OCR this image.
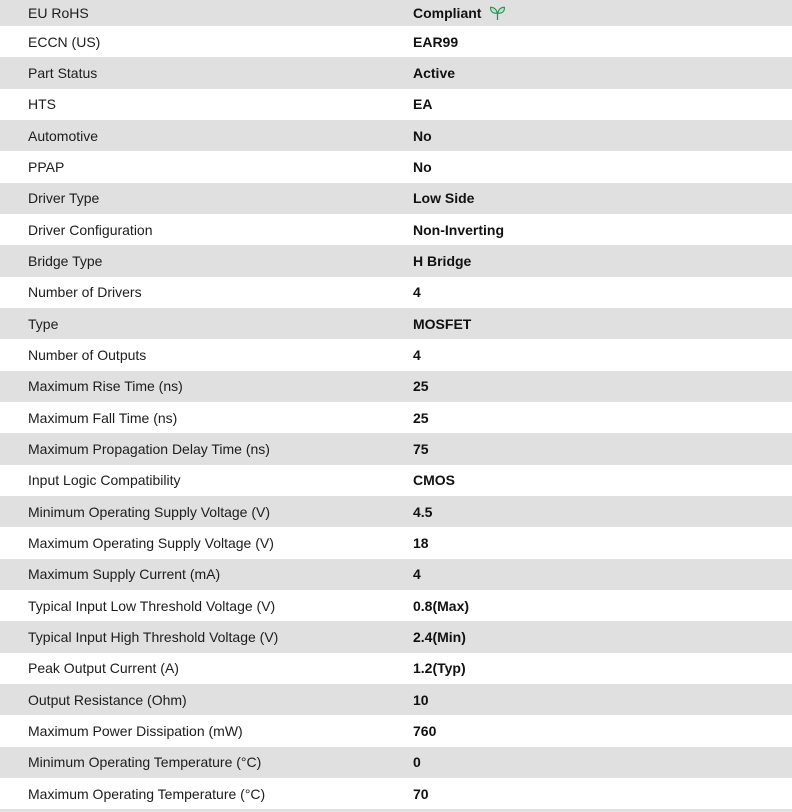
EU RoHS	Compliant
ECCN (US)	EAR99
Part Status	Active
HTS	EA
Automotive	No
PPAP	No
Driver Type	Low Side
Driver Configuration	Non-Inverting
Bridge Type	H Bridge
Number of Drivers	4
Type	MOSFET
Number of Outputs	4
Maximum Rise Time (ns)	25
Maximum Fall Time (ns)	25
Maximum Propagation Delay Time (ns)	75
Input Logic Compatibility	CMOS
Minimum Operating Supply Voltage (V)	4.5
Maximum Operating Supply Voltage (V)	18
Maximum Supply Current (mA)	4
Typical Input Low Threshold Voltage (V)	0.8(Max)
Typical Input High Threshold Voltage (V)	2.4(Min)
Peak Output Current (A)	1.2(Typ)
Output Resistance (Ohm)	10
Maximum Power Dissipation (mW)	760
Minimum Operating Temperature (°C)	0
Maximum Operating Temperature (°C)	70
